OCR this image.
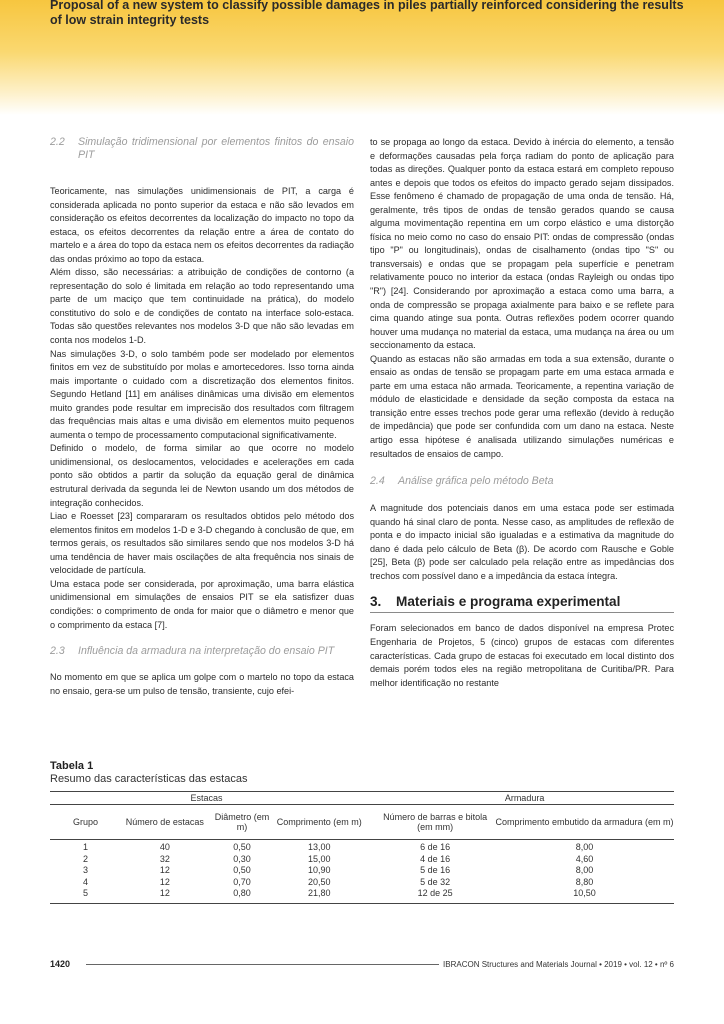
Proposal of a new system to classify possible damages in piles partially reinforced considering the results of low strain integrity tests

2.2 Simulação tridimensional por elementos finitos do ensaio PIT

Teoricamente, nas simulações unidimensionais de PIT, a carga é considerada aplicada no ponto superior da estaca e não são levados em consideração os efeitos decorrentes da localização do impacto no topo da estaca, os efeitos decorrentes da relação entre a área de contato do martelo e a área do topo da estaca nem os efeitos decorrentes da radiação das ondas próximo ao topo da estaca.

Além disso, são necessárias: a atribuição de condições de contorno (a representação do solo é limitada em relação ao todo representando uma parte de um maciço que tem continuidade na prática), do modelo constitutivo do solo e de condições de contato na interface solo-estaca. Todas são questões relevantes nos modelos 3-D que não são levadas em conta nos modelos 1-D.

Nas simulações 3-D, o solo também pode ser modelado por elementos finitos em vez de substituído por molas e amortecedores. Isso torna ainda mais importante o cuidado com a discretização dos elementos finitos. Segundo Hetland [11] em análises dinâmicas uma divisão em elementos muito grandes pode resultar em imprecisão dos resultados com filtragem das frequências mais altas e uma divisão em elementos muito pequenos aumenta o tempo de processamento computacional significativamente.

Definido o modelo, de forma similar ao que ocorre no modelo unidimensional, os deslocamentos, velocidades e acelerações em cada ponto são obtidos a partir da solução da equação geral de dinâmica estrutural derivada da segunda lei de Newton usando um dos métodos de integração conhecidos.

Liao e Roesset [23] compararam os resultados obtidos pelo método dos elementos finitos em modelos 1-D e 3-D chegando à conclusão de que, em termos gerais, os resultados são similares sendo que nos modelos 3-D há uma tendência de haver mais oscilações de alta frequência nos sinais de velocidade de partícula.

Uma estaca pode ser considerada, por aproximação, uma barra elástica unidimensional em simulações de ensaios PIT se ela satisfizer duas condições: o comprimento de onda for maior que o diâmetro e menor que o comprimento da estaca [7].

2.3 Influência da armadura na interpretação do ensaio PIT

No momento em que se aplica um golpe com o martelo no topo da estaca no ensaio, gera-se um pulso de tensão, transiente, cujo efei-

to se propaga ao longo da estaca. Devido à inércia do elemento, a tensão e deformações causadas pela força radiam do ponto de aplicação para todas as direções. Qualquer ponto da estaca estará em completo repouso antes e depois que todos os efeitos do impacto gerado sejam dissipados. Esse fenômeno é chamado de propagação de uma onda de tensão. Há, geralmente, três tipos de ondas de tensão gerados quando se causa alguma movimentação repentina em um corpo elástico e uma distorção física no meio como no caso do ensaio PIT: ondas de compressão (ondas tipo "P" ou longitudinais), ondas de cisalhamento (ondas tipo "S" ou transversais) e ondas que se propagam pela superfície e penetram relativamente pouco no interior da estaca (ondas Rayleigh ou ondas tipo "R") [24]. Considerando por aproximação a estaca como uma barra, a onda de compressão se propaga axialmente para baixo e se reflete para cima quando atinge sua ponta. Outras reflexões podem ocorrer quando houver uma mudança no material da estaca, uma mudança na área ou um seccionamento da estaca.

Quando as estacas não são armadas em toda a sua extensão, durante o ensaio as ondas de tensão se propagam parte em uma estaca armada e parte em uma estaca não armada. Teoricamente, a repentina variação de módulo de elasticidade e densidade da seção composta da estaca na transição entre esses trechos pode gerar uma reflexão (devido à redução de impedância) que pode ser confundida com um dano na estaca. Neste artigo essa hipótese é analisada utilizando simulações numéricas e resultados de ensaios de campo.

2.4 Análise gráfica pelo método Beta

A magnitude dos potenciais danos em uma estaca pode ser estimada quando há sinal claro de ponta. Nesse caso, as amplitudes de reflexão de ponta e do impacto inicial são igualadas e a estimativa da magnitude do dano é dada pelo cálculo de Beta (β). De acordo com Rausche e Goble [25], Beta (β) pode ser calculado pela relação entre as impedâncias dos trechos com possível dano e a impedância da estaca íntegra.

3. Materiais e programa experimental

Foram selecionados em banco de dados disponível na empresa Protec Engenharia de Projetos, 5 (cinco) grupos de estacas com diferentes características. Cada grupo de estacas foi executado em local distinto dos demais porém todos eles na região metropolitana de Curitiba/PR. Para melhor identificação no restante

Tabela 1

Resumo das características das estacas

Estacas					Armadura	
Grupo	Número de estacas	Diâmetro (em m)	Comprimento (em m)		Número de barras e bitola (em mm)	Comprimento embutido da armadura (em m)
1	40	0,50	13,00		6 de 16	8,00
2	32	0,30	15,00		4 de 16	4,60
3	12	0,50	10,90		5 de 16	8,00
4	12	0,70	20,50		5 de 32	8,80
5	12	0,80	21,80		12 de 25	10,50
1420	IBRACON Structures and Materials Journal • 2019 • vol. 12 • nº 6
